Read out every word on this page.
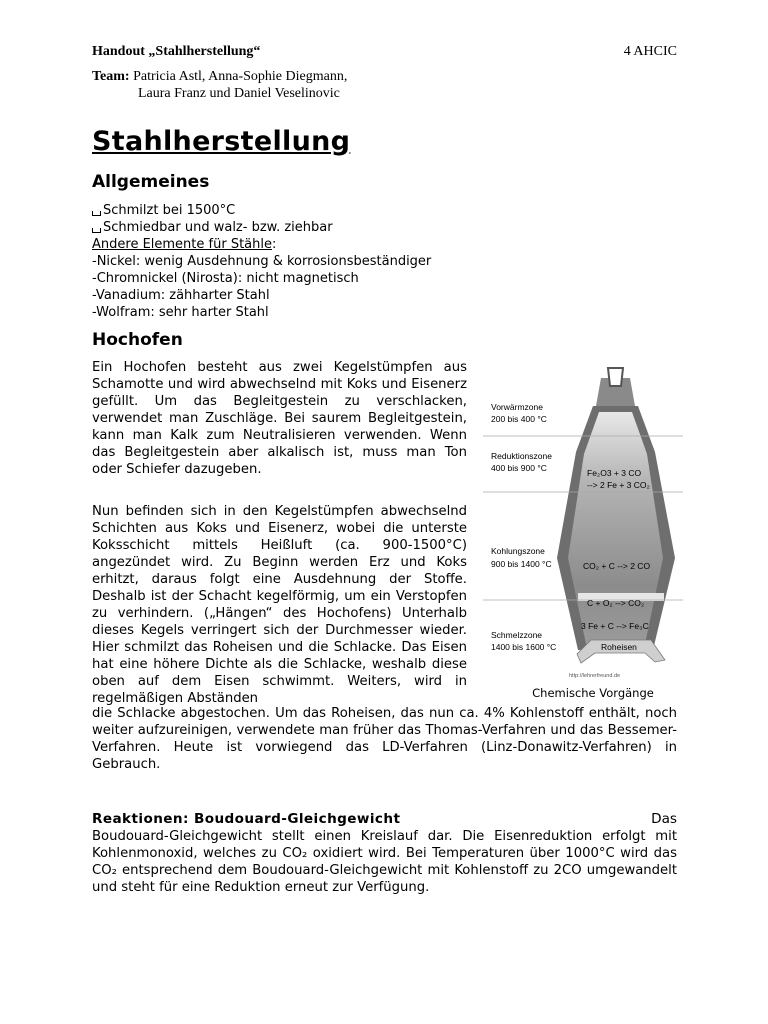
Handout „Stahlherstellung“	4 AHCIC
Team: Patricia Astl, Anna-Sophie Diegmann,
Laura Franz und Daniel Veselinovic
Stahlherstellung
Allgemeines
Schmilzt bei 1500°C
Schmiedbar und walz- bzw. ziehbar
Andere Elemente für Stähle:
-Nickel: wenig Ausdehnung & korrosionsbeständiger
-Chromnickel (Nirosta): nicht magnetisch
-Vanadium: zähharter Stahl
-Wolfram: sehr harter Stahl
Hochofen
Ein Hochofen besteht aus zwei Kegelstümpfen aus Schamotte und wird abwechselnd mit Koks und Eisenerz gefüllt. Um das Begleitgestein zu verschlacken, verwendet man Zuschläge. Bei saurem Begleitgestein, kann man Kalk zum Neutralisieren verwenden. Wenn das Begleitgestein aber alkalisch ist, muss man Ton oder Schiefer dazugeben.
Nun befinden sich in den Kegelstümpfen abwechselnd Schichten aus Koks und Eisenerz, wobei die unterste Koksschicht mittels Heißluft (ca. 900-1500°C) angezündet wird. Zu Beginn werden Erz und Koks erhitzt, daraus folgt eine Ausdehnung der Stoffe. Deshalb ist der Schacht kegelförmig, um ein Verstopfen zu verhindern. („Hängen“ des Hochofens) Unterhalb dieses Kegels verringert sich der Durchmesser wieder. Hier schmilzt das Roheisen und die Schlacke. Das Eisen hat eine höhere Dichte als die Schlacke, weshalb diese oben auf dem Eisen schwimmt. Weiters, wird in regelmäßigen Abständen
die Schlacke abgestochen. Um das Roheisen, das nun ca. 4% Kohlenstoff enthält, noch weiter aufzureinigen, verwendete man früher das Thomas-Verfahren und das Bessemer-Verfahren. Heute ist vorwiegend das LD-Verfahren (Linz-Donawitz-Verfahren) in Gebrauch.
Vorwärmzone
200 bis 400 °C
Reduktionszone
400 bis 900 °C
Kohlungszone
900 bis 1400 °C
Schmelzzone
1400 bis 1600 °C
Fe₂O3 + 3 CO
--> 2 Fe + 3 CO₂
CO₂ + C --> 2 CO
C + O₂ --> CO₂
3 Fe + C --> Fe₃C
Roheisen
http://lehrerfreund.de
Chemische Vorgänge
Reaktionen: Boudouard-Gleichgewicht	Das
Boudouard-Gleichgewicht stellt einen Kreislauf dar. Die Eisenreduktion erfolgt mit Kohlenmonoxid, welches zu CO₂ oxidiert wird. Bei Temperaturen über 1000°C wird das CO₂ entsprechend dem Boudouard-Gleichgewicht mit Kohlenstoff zu 2CO umgewandelt und steht für eine Reduktion erneut zur Verfügung.
